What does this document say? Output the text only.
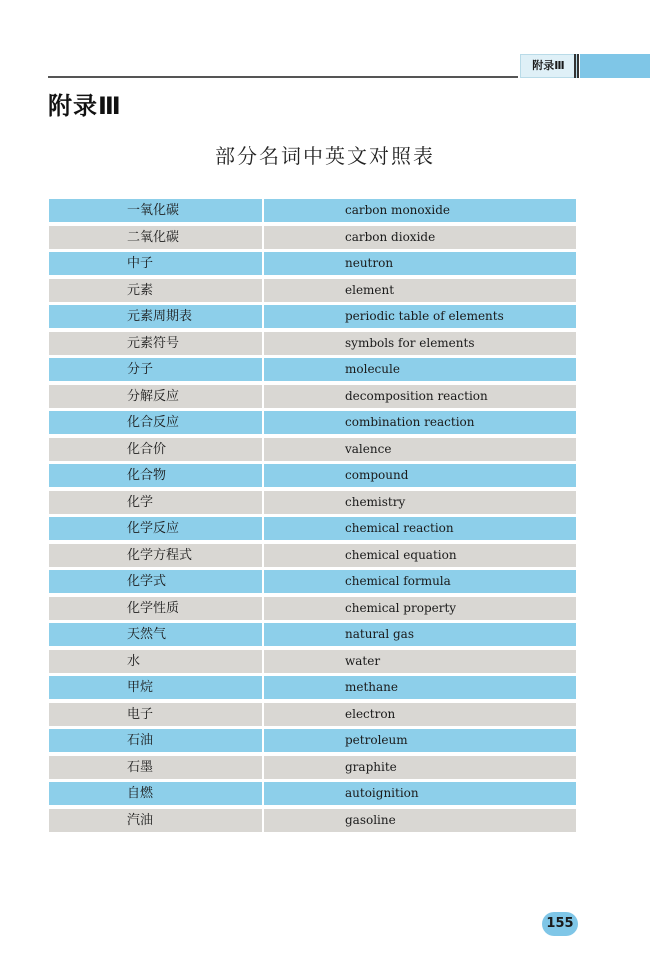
附录Ⅲ
附录Ⅲ
部分名词中英文对照表
一氧化碳	carbon monoxide
二氧化碳	carbon dioxide
中子	neutron
元素	element
元素周期表	periodic table of elements
元素符号	symbols for elements
分子	molecule
分解反应	decomposition reaction
化合反应	combination reaction
化合价	valence
化合物	compound
化学	chemistry
化学反应	chemical reaction
化学方程式	chemical equation
化学式	chemical formula
化学性质	chemical property
天然气	natural gas
水	water
甲烷	methane
电子	electron
石油	petroleum
石墨	graphite
自燃	autoignition
汽油	gasoline
155
